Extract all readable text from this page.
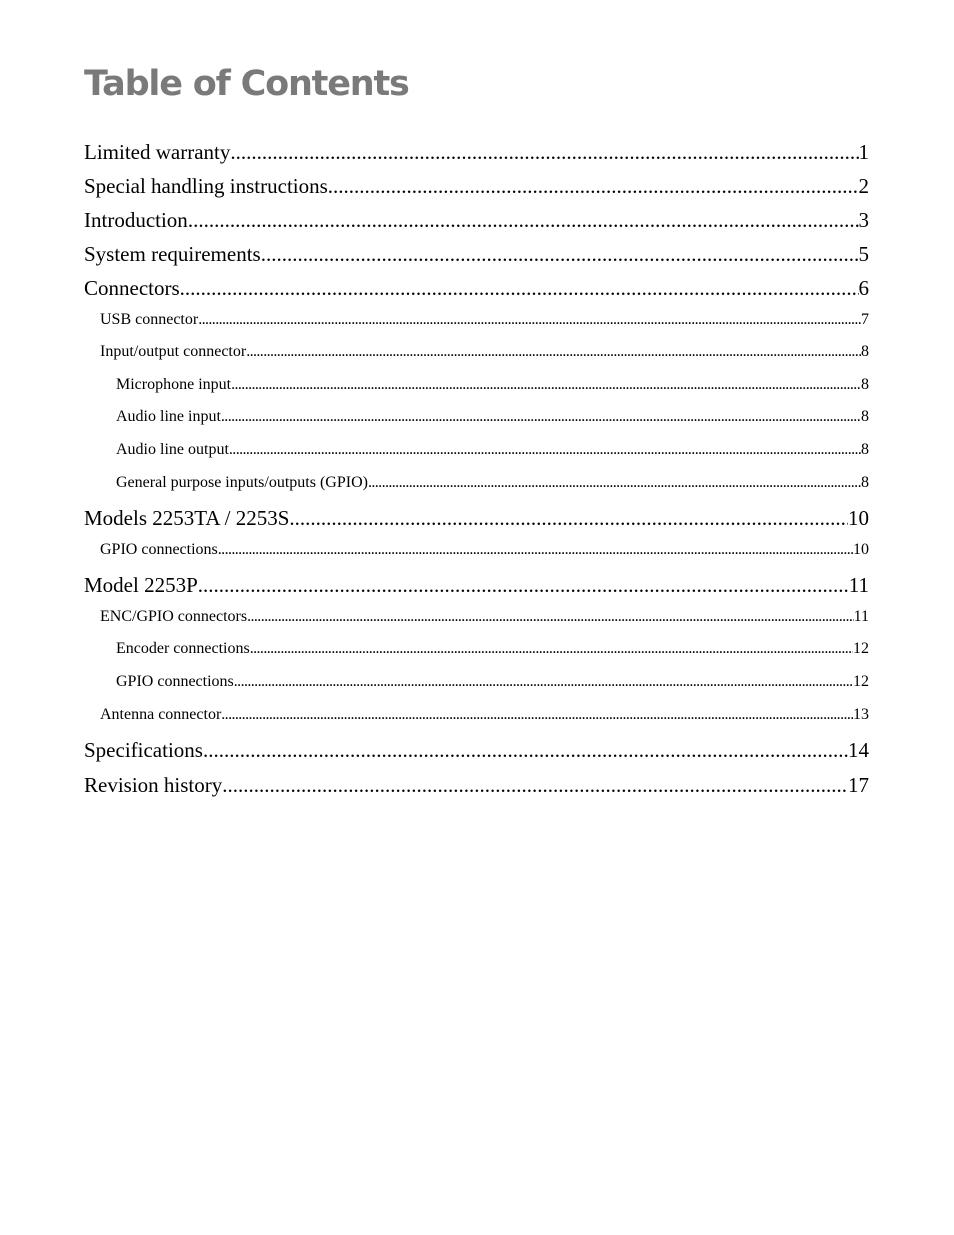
Table of Contents
Limited warranty .....	1
Special handling instructions .....	2
Introduction .....	3
System requirements .....	5
Connectors .....	6
USB connector .....	7
Input/output connector .....	8
Microphone input .....	8
Audio line input .....	8
Audio line output .....	8
General purpose inputs/outputs (GPIO) .....	8
Models 2253TA / 2253S .....	10
GPIO connections .....	10
Model 2253P .....	11
ENC/GPIO connectors .....	11
Encoder connections .....	12
GPIO connections .....	12
Antenna connector .....	13
Specifications .....	14
Revision history .....	17
